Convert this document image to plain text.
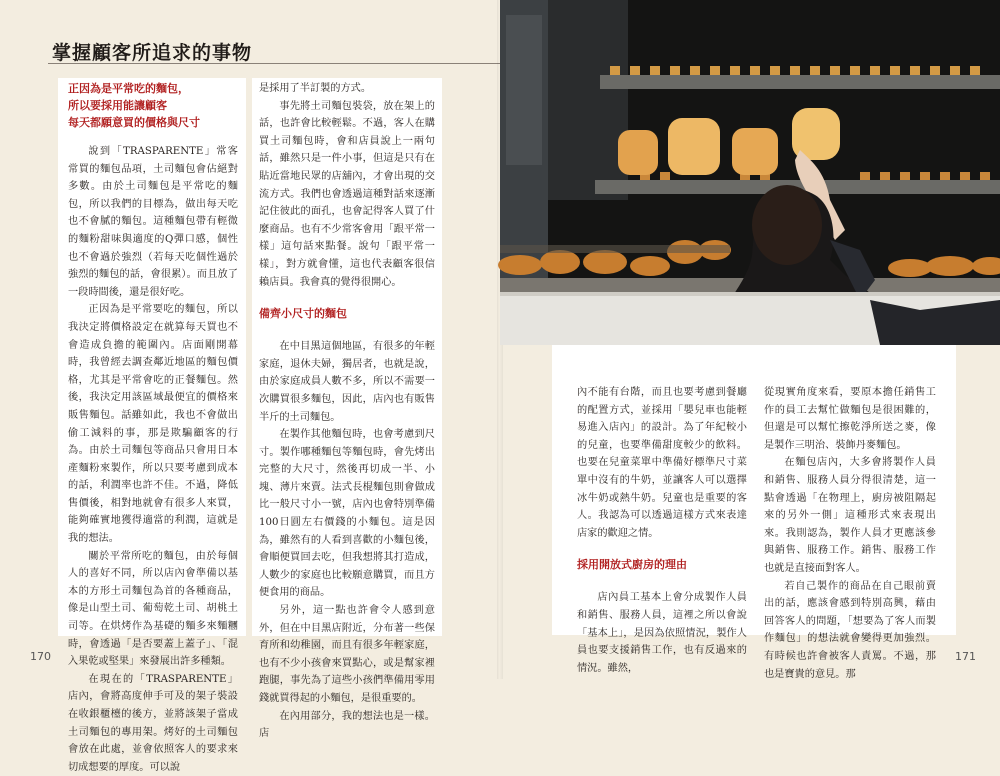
掌握顧客所追求的事物
正因為是平常吃的麵包，
所以要採用能讓顧客
每天都願意買的價格與尺寸

說到「TRASPARENTE」常客常買的麵包品項，土司麵包會佔絕對多數。由於土司麵包是平常吃的麵包，所以我們的目標為，做出每天吃也不會膩的麵包。這種麵包帶有輕微的麵粉甜味與適度的Q彈口感，個性也不會過於強烈（若每天吃個性過於強烈的麵包的話，會很累）。而且放了一段時間後，還是很好吃。

正因為是平常要吃的麵包，所以我決定將價格設定在就算每天買也不會造成負擔的範圍內。店面剛開幕時，我曾經去調查鄰近地區的麵包價格，尤其是平常會吃的正餐麵包。然後，我決定用該區域最便宜的價格來販售麵包。話雖如此，我也不會做出偷工減料的事，那是欺騙顧客的行為。由於土司麵包等商品只會用日本產麵粉來製作，所以只要考慮到成本的話，利潤率也許不佳。不過，降低售價後，相對地就會有很多人來買，能夠確實地獲得適當的利潤，這就是我的想法。

關於平常所吃的麵包，由於每個人的喜好不同，所以店內會準備以基本的方形土司麵包為首的各種商品，像是山型土司、葡萄乾土司、胡桃土司等。在烘烤作為基礎的麵多來麵糰時，會透過「是否要蓋上蓋子」、「混入果乾或堅果」來發展出許多種類。

在現在的「TRASPARENTE」店內，會將高度伸手可及的架子裝設在收銀櫃檯的後方，並將該架子當成土司麵包的專用架。烤好的土司麵包會放在此處，並會依照客人的要求來切成想要的厚度。可以說

是採用了半訂製的方式。

事先將土司麵包裝袋，放在架上的話，也許會比較輕鬆。不過，客人在購買土司麵包時，會和店員說上一兩句話，雖然只是一件小事，但這是只有在貼近當地民眾的店舖內，才會出現的交流方式。我們也會透過這種對話來逐漸記住彼此的面孔，也會記得客人買了什麼商品。也有不少常客會用「跟平常一樣」這句話來點餐。說句「跟平常一樣」，對方就會懂，這也代表顧客很信賴店員。我會真的覺得很開心。

備齊小尺寸的麵包

在中目黑這個地區，有很多的年輕家庭，退休夫婦，獨居者，也就是說，由於家庭成員人數不多，所以不需要一次購買很多麵包，因此，店內也有販售半斤的土司麵包。

在製作其他麵包時，也會考慮到尺寸。製作哪種麵包等麵包時，會先烤出完整的大尺寸，然後再切成一半、小塊、薄片來賣。法式長棍麵包則會做成比一般尺寸小一號，店內也會特別準備100日圓左右價錢的小麵包。這是因為，雖然有的人看到喜歡的小麵包後，會順便買回去吃，但我想將其打造成，人數少的家庭也比較願意購買，而且方便食用的商品。

另外，這一點也許會令人感到意外，但在中目黑店附近，分布著一些保育所和幼稚園，而且有很多年輕家庭，也有不少小孩會來買點心，或是幫家裡跑腿，事先為了這些小孩們準備用零用錢就買得起的小麵包，是很重要的。

在內用部分，我的想法也是一樣。店

170

內不能有台階，而且也要考慮到餐廳的配置方式，並採用「嬰兒車也能輕易進入店內」的設計。為了年紀較小的兒童，也要準備甜度較少的飲料。也要在兒童菜單中準備好標準尺寸菜單中沒有的牛奶，並讓客人可以選擇冰牛奶或熱牛奶。兒童也是重要的客人。我認為可以透過這樣方式來表達店家的歡迎之情。

採用開放式廚房的理由

店內員工基本上會分成製作人員和銷售、服務人員，這裡之所以會說「基本上」，是因為依照情況，製作人員也要支援銷售工作，也有反過來的情況。雖然，

從現實角度來看，要原本擔任銷售工作的員工去幫忙做麵包是很困難的，但還是可以幫忙擦乾淨所送之麥，像是製作三明治、裝飾丹麥麵包。

在麵包店內，大多會將製作人員和銷售、服務人員分得很清楚，這一點會透過「在物理上，廚房被阻隔起來的另外一側」這種形式來表現出來。我則認為，製作人員才更應該參與銷售、服務工作。銷售、服務工作也就是直接面對客人。

若自己製作的商品在自己眼前賣出的話，應該會感到特別高興，藉由回答客人的問題，「想要為了客人而製作麵包」的想法就會變得更加強烈。有時候也許會被客人責罵。不過，那也是寶貴的意見。那

171
